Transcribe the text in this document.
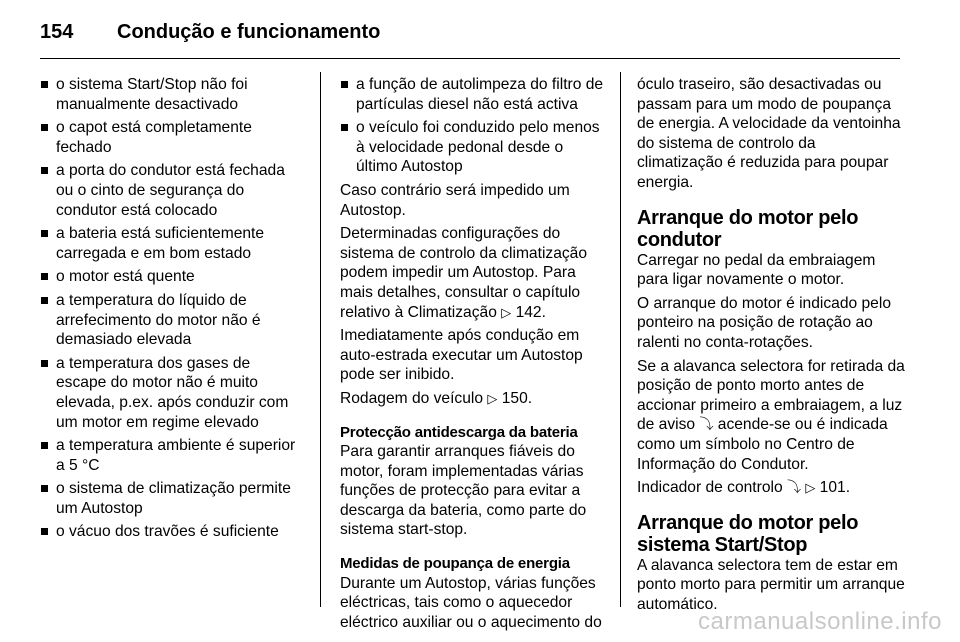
154	Condução e funcionamento
o sistema Start/Stop não foi manualmente desactivado
o capot está completamente fechado
a porta do condutor está fechada ou o cinto de segurança do condutor está colocado
a bateria está suficientemente carregada e em bom estado
o motor está quente
a temperatura do líquido de arrefecimento do motor não é demasiado elevada
a temperatura dos gases de escape do motor não é muito elevada, p.ex. após conduzir com um motor em regime elevado
a temperatura ambiente é superior a 5 °C
o sistema de climatização permite um Autostop
o vácuo dos travões é suficiente
a função de autolimpeza do filtro de partículas diesel não está activa
o veículo foi conduzido pelo menos à velocidade pedonal desde o último Autostop

Caso contrário será impedido um Autostop.

Determinadas configurações do sistema de controlo da climatização podem impedir um Autostop. Para mais detalhes, consultar o capítulo relativo à Climatização ▷ 142.

Imediatamente após condução em auto-estrada executar um Autostop pode ser inibido.

Rodagem do veículo ▷ 150.

Protecção antidescarga da bateria

Para garantir arranques fiáveis do motor, foram implementadas várias funções de protecção para evitar a descarga da bateria, como parte do sistema start-stop.

Medidas de poupança de energia

Durante um Autostop, várias funções eléctricas, tais como o aquecedor eléctrico auxiliar ou o aquecimento do

óculo traseiro, são desactivadas ou passam para um modo de poupança de energia. A velocidade da ventoinha do sistema de controlo da climatização é reduzida para poupar energia.

Arranque do motor pelo condutor

Carregar no pedal da embraiagem para ligar novamente o motor.

O arranque do motor é indicado pelo ponteiro na posição de rotação ao ralenti no conta-rotações.

Se a alavanca selectora for retirada da posição de ponto morto antes de accionar primeiro a embraiagem, a luz de aviso ⤵ acende-se ou é indicada como um símbolo no Centro de Informação do Condutor.

Indicador de controlo ⤵ ▷ 101.

Arranque do motor pelo sistema Start/Stop

A alavanca selectora tem de estar em ponto morto para permitir um arranque automático.

carmanualsonline.info
